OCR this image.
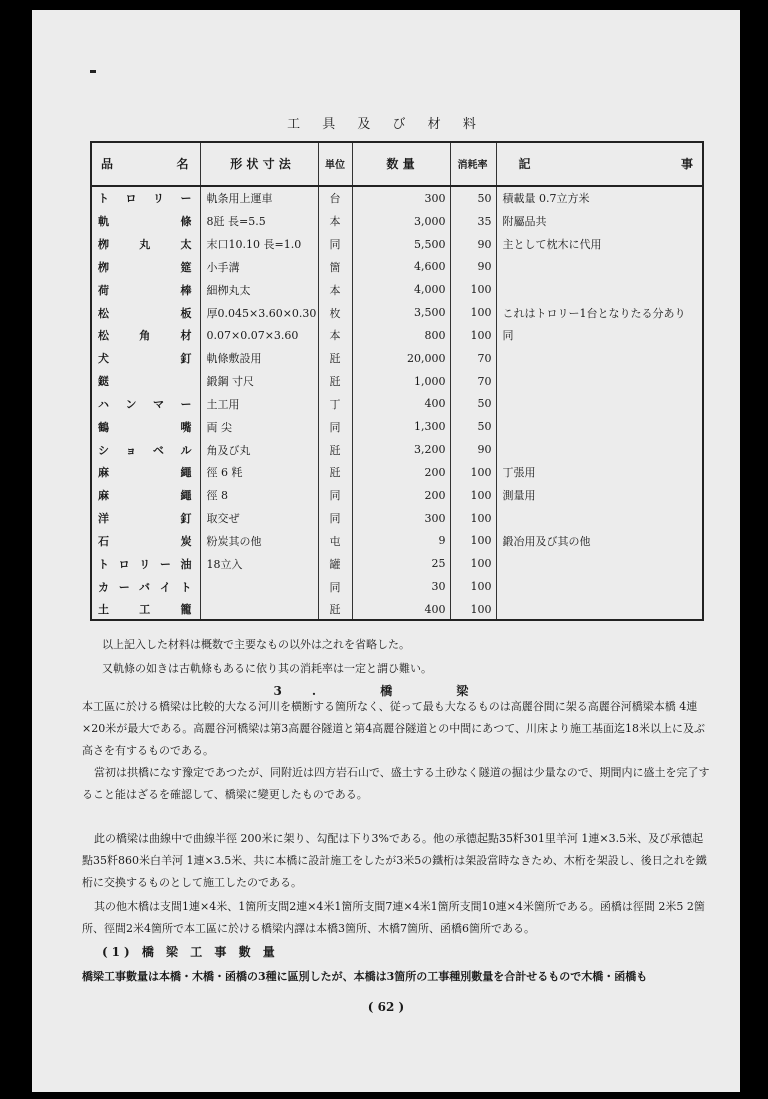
工 具 及 び 材 料
品 名	形 状 寸 法	単位	数 量	消耗率	記 事

トロリー	軌条用上運車	台	300	50	積載量 0.7立方米
軌條	8瓩 長=5.5	本	3,000	35	附屬品共
栁丸太	末口10.10 長=1.0	同	5,500	90	主として枕木に代用
栁筵	小手溝	箇	4,600	90	
荷棒	細栁丸太	本	4,000	100	
松板	厚0.045×3.60×0.30	枚	3,500	100	これはトロリー1台となりたる分あり
松角材	0.07×0.07×3.60	本	800	100	同
犬釘	軌條敷設用	瓩	20,000	70	
鎹	鍛鋼 寸尺	瓩	1,000	70	
ハンマー	土工用	丁	400	50	
鶴嘴	両 尖	同	1,300	50	
ショベル	角及び丸	瓩	3,200	90	
麻繩	徑 6 粍	瓩	200	100	丁張用
麻繩	徑 8	同	200	100	測量用
洋釘	取交ぜ	同	300	100	
石炭	粉炭其の他	屯	9	100	鍛冶用及び其の他
トロリー油	18立入	罐	25	100	
カーバイト		同	30	100	
土工籠		瓩	400	100	
以上記入した材料は概数で主要なもの以外は之れを省略した。
又軌條の如きは古軌條もあるに依り其の消耗率は一定と謂ひ難い。
3. 橋 梁
本工區に於ける橋梁は比較的大なる河川を横断する箇所なく、従って最も大なるものは高麗谷間に架る高麗谷河橋梁本橋 4連×20米が最大である。高麗谷河橋梁は第3高麗谷隧道と第4高麗谷隧道との中間にあつて、川床より施工基面迄18米以上に及ぶ高さを有するものである。
當初は拱橋になす豫定であつたが、同附近は四方岩石山で、盛土する土砂なく隧道の掘は少量なので、期間内に盛土を完了すること能はざるを確認して、橋梁に變更したものである。
此の橋梁は曲線中で曲線半徑 200米に架り、勾配は下り3%である。他の承德起點35粁301里羊河 1連×3.5米、及び承德起點35粁860米白羊河 1連×3.5米、共に本橋に設計施工をしたが3米5の鐵桁は架設當時なきため、木桁を架設し、後日之れを鐵桁に交換するものとして施工したのである。
其の他木橋は支間1連×4米、1箇所支間2連×4米1箇所支間7連×4米1箇所支間10連×4米箇所である。函橋は徑間 2米5 2箇所、徑間2米4箇所で本工區に於ける橋梁内譯は本橋3箇所、木橋7箇所、函橋6箇所である。
(1) 橋 梁 工 事 數 量
橋梁工事數量は本橋・木橋・函橋の3種に區別したが、本橋は3箇所の工事種別數量を合計せるもので木橋・函橋も
( 62 )
